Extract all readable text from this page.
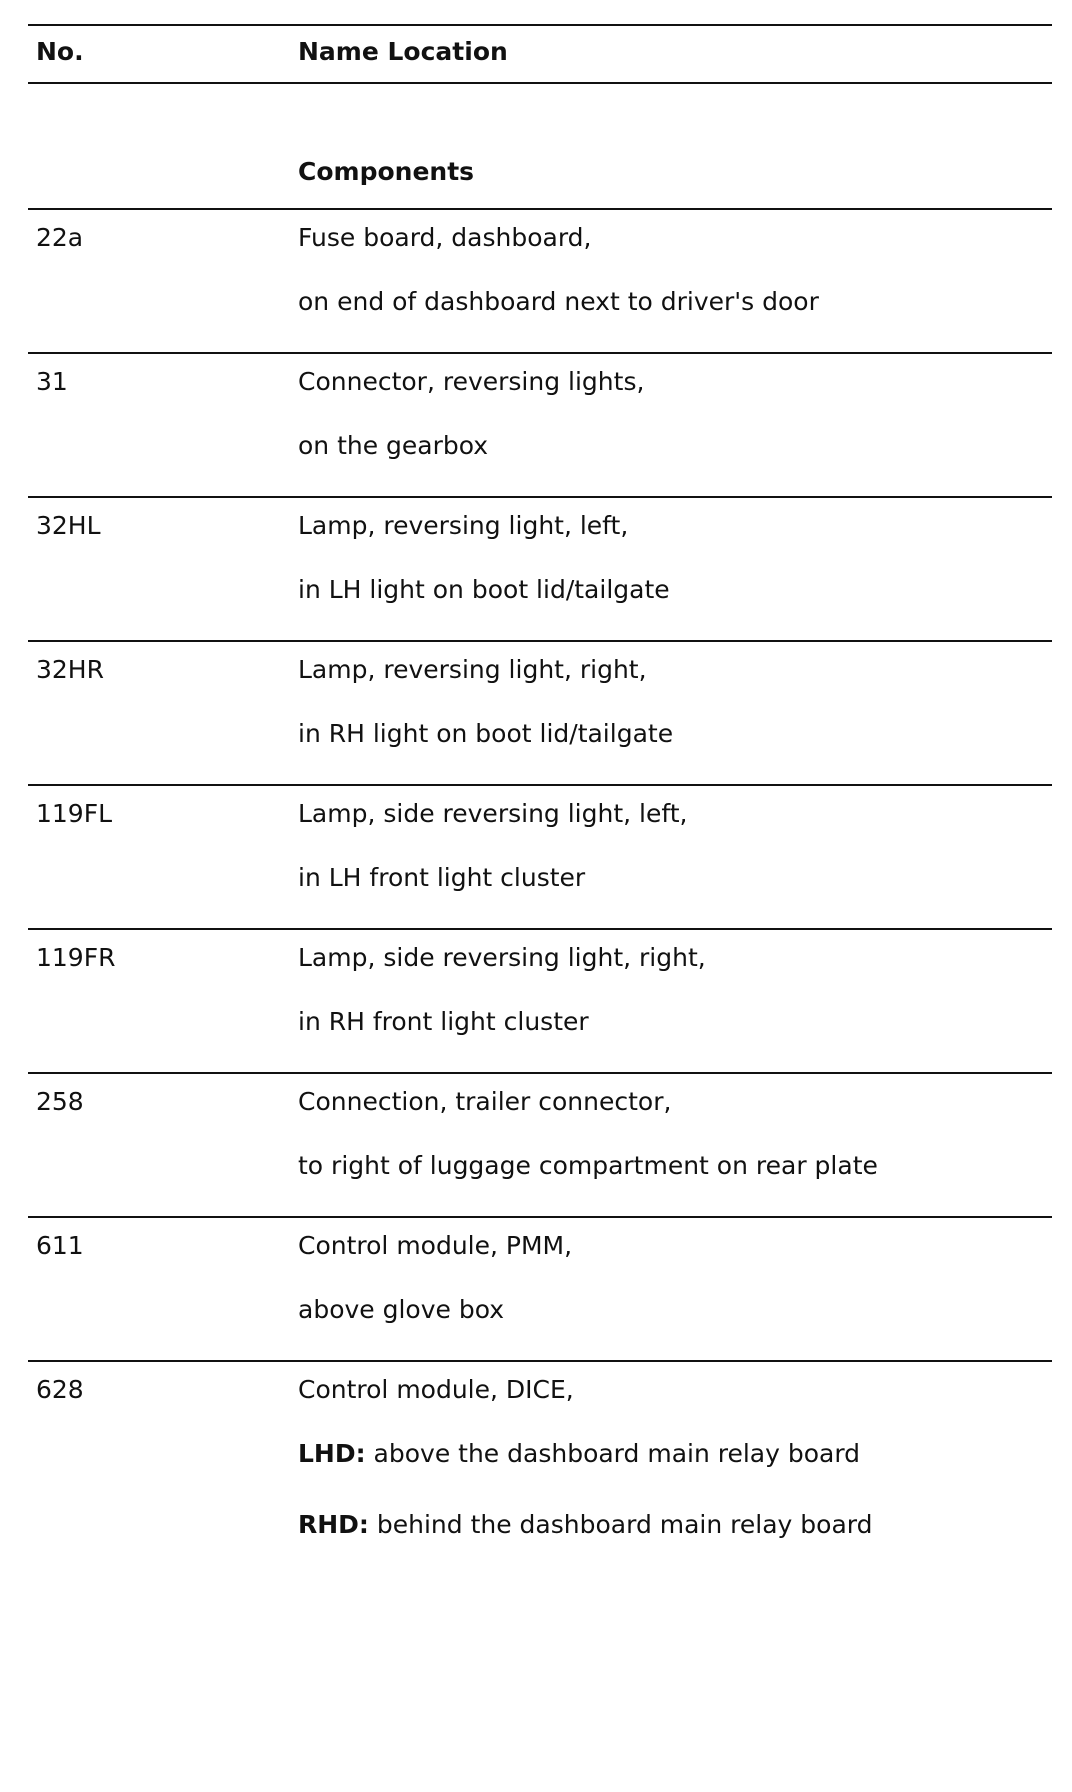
No.	Name Location
Components
22a	Fuse board, dashboard,
on end of dashboard next to driver's door
31	Connector, reversing lights,
on the gearbox
32HL	Lamp, reversing light, left,
in LH light on boot lid/tailgate
32HR	Lamp, reversing light, right,
in RH light on boot lid/tailgate
119FL	Lamp, side reversing light, left,
in LH front light cluster
119FR	Lamp, side reversing light, right,
in RH front light cluster
258	Connection, trailer connector,
to right of luggage compartment on rear plate
611	Control module, PMM,
above glove box
628	Control module, DICE,
LHD: above the dashboard main relay board
RHD: behind the dashboard main relay board
